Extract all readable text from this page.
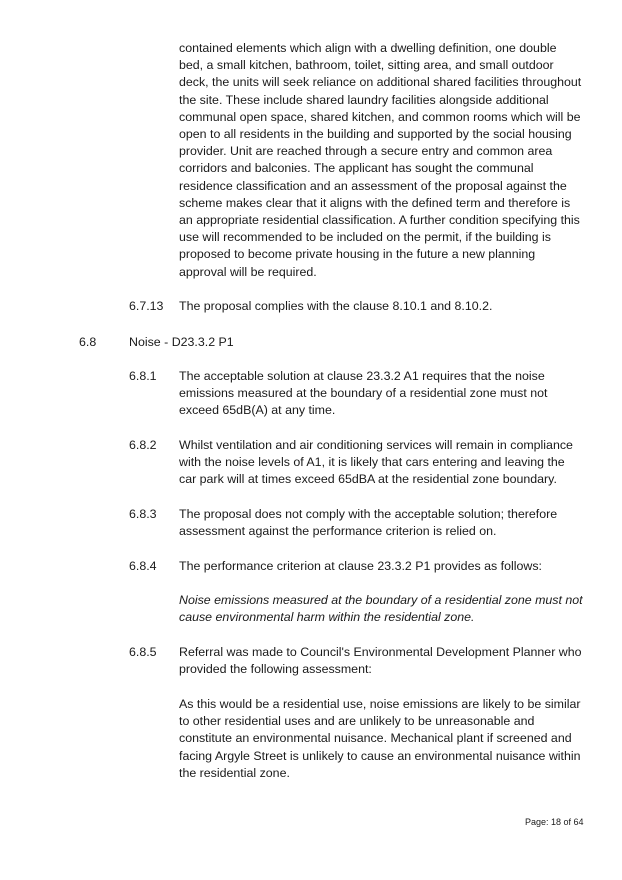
contained elements which align with a dwelling definition, one double bed, a small kitchen, bathroom, toilet, sitting area, and small outdoor deck, the units will seek reliance on additional shared facilities throughout the site. These include shared laundry facilities alongside additional communal open space, shared kitchen, and common rooms which will be open to all residents in the building and supported by the social housing provider. Unit are reached through a secure entry and common area corridors and balconies. The applicant has sought the communal residence classification and an assessment of the proposal against the scheme makes clear that it aligns with the defined term and therefore is an appropriate residential classification. A further condition specifying this use will recommended to be included on the permit, if the building is proposed to become private housing in the future a new planning approval will be required.

6.7.13 The proposal complies with the clause 8.10.1 and 8.10.2.

6.8	Noise - D23.3.2 P1

6.8.1 The acceptable solution at clause 23.3.2 A1 requires that the noise emissions measured at the boundary of a residential zone must not exceed 65dB(A) at any time.

6.8.2 Whilst ventilation and air conditioning services will remain in compliance with the noise levels of A1, it is likely that cars entering and leaving the car park will at times exceed 65dBA at the residential zone boundary.

6.8.3 The proposal does not comply with the acceptable solution; therefore assessment against the performance criterion is relied on.

6.8.4 The performance criterion at clause 23.3.2 P1 provides as follows:

Noise emissions measured at the boundary of a residential zone must not cause environmental harm within the residential zone.

6.8.5 Referral was made to Council's Environmental Development Planner who provided the following assessment:

As this would be a residential use, noise emissions are likely to be similar to other residential uses and are unlikely to be unreasonable and constitute an environmental nuisance. Mechanical plant if screened and facing Argyle Street is unlikely to cause an environmental nuisance within the residential zone.

Page: 18 of 64
